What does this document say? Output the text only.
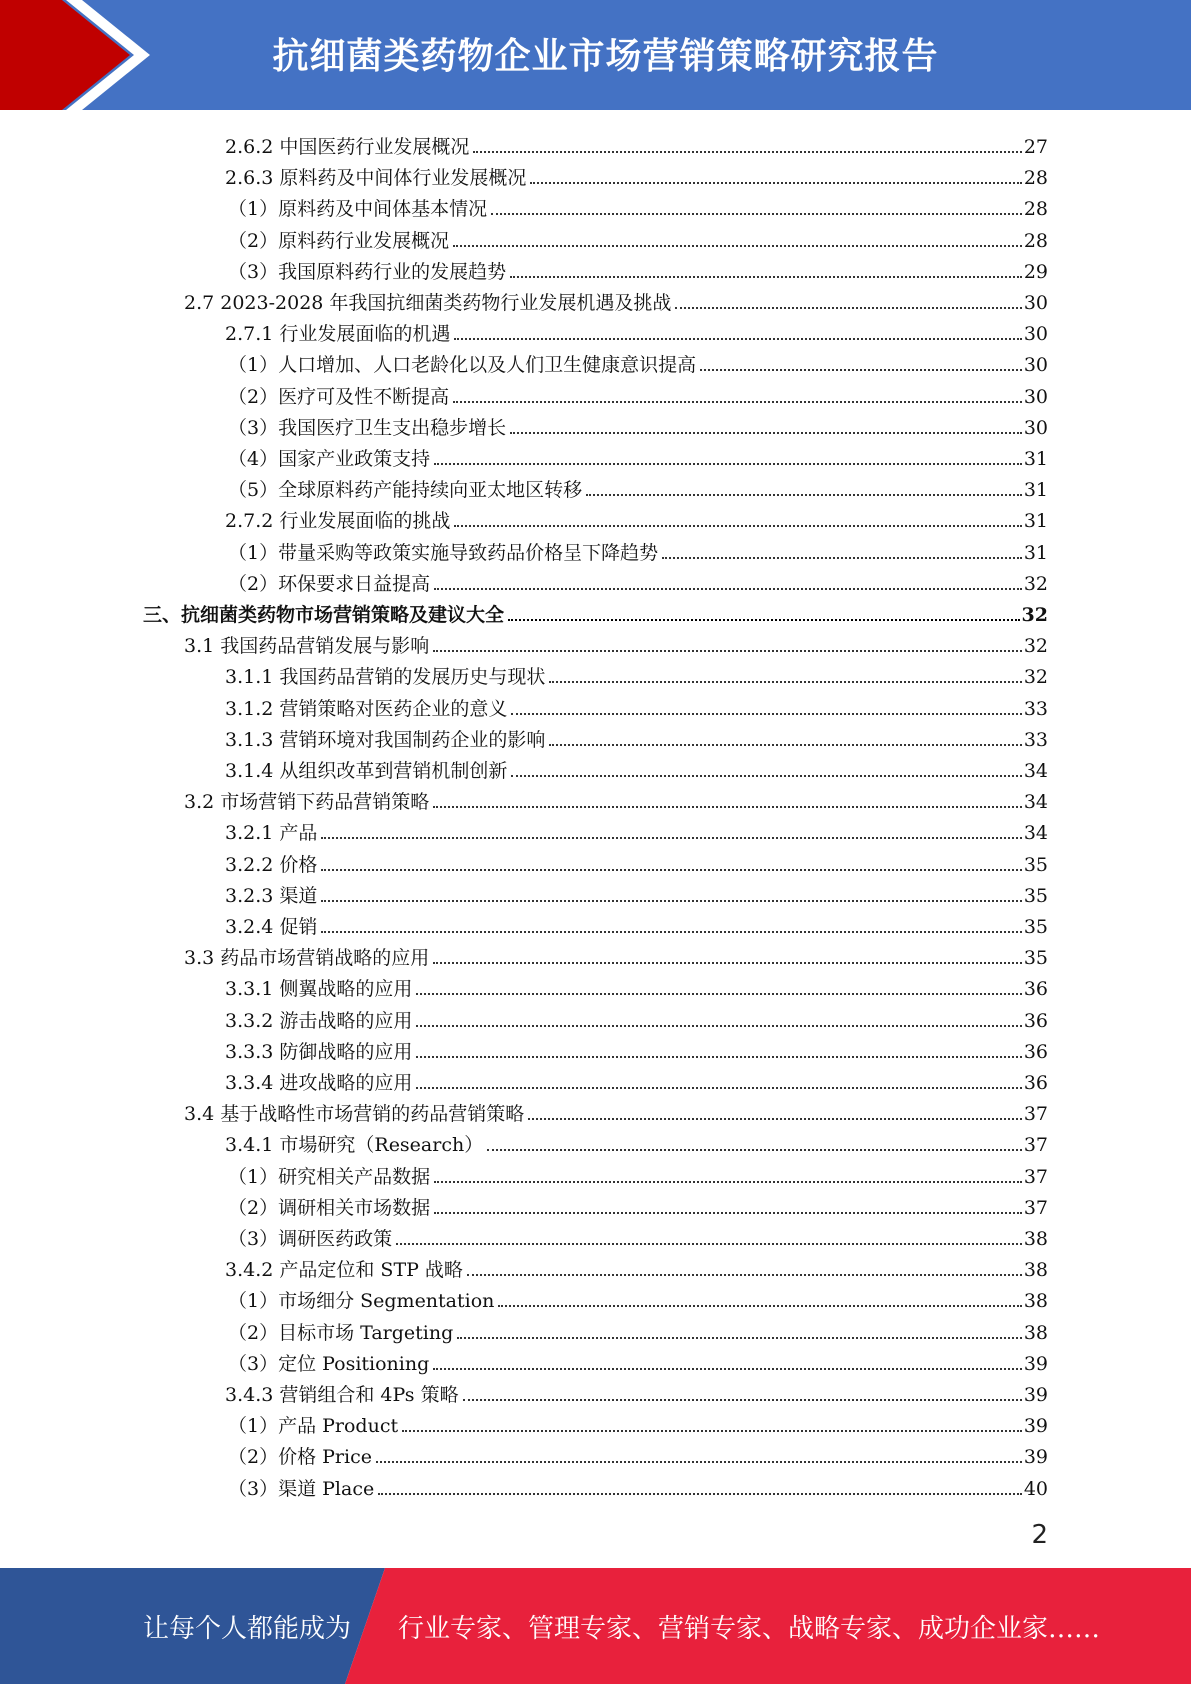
抗细菌类药物企业市场营销策略研究报告
2.6.2 中国医药行业发展概况	27
2.6.3 原料药及中间体行业发展概况	28
（1）原料药及中间体基本情况	28
（2）原料药行业发展概况	28
（3）我国原料药行业的发展趋势	29
2.7 2023-2028 年我国抗细菌类药物行业发展机遇及挑战	30
2.7.1 行业发展面临的机遇	30
（1）人口增加、人口老龄化以及人们卫生健康意识提高	30
（2）医疗可及性不断提高	30
（3）我国医疗卫生支出稳步增长	30
（4）国家产业政策支持	31
（5）全球原料药产能持续向亚太地区转移	31
2.7.2 行业发展面临的挑战	31
（1）带量采购等政策实施导致药品价格呈下降趋势	31
（2）环保要求日益提高	32
三、抗细菌类药物市场营销策略及建议大全	32
3.1 我国药品营销发展与影响	32
3.1.1 我国药品营销的发展历史与现状	32
3.1.2 营销策略对医药企业的意义	33
3.1.3 营销环境对我国制药企业的影响	33
3.1.4 从组织改革到营销机制创新	34
3.2 市场营销下药品营销策略	34
3.2.1 产品	34
3.2.2 价格	35
3.2.3 渠道	35
3.2.4 促销	35
3.3 药品市场营销战略的应用	35
3.3.1 侧翼战略的应用	36
3.3.2 游击战略的应用	36
3.3.3 防御战略的应用	36
3.3.4 进攻战略的应用	36
3.4 基于战略性市场营销的药品营销策略	37
3.4.1 市場研究（Research）	37
（1）研究相关产品数据	37
（2）调研相关市场数据	37
（3）调研医药政策	38
3.4.2 产品定位和 STP 战略	38
（1）市场细分 Segmentation	38
（2）目标市场 Targeting	38
（3）定位 Positioning	39
3.4.3 营销组合和 4Ps 策略	39
（1）产品 Product	39
（2）价格 Price	39
（3）渠道 Place	40
2
让每个人都能成为 行业专家、管理专家、营销专家、战略专家、成功企业家……
